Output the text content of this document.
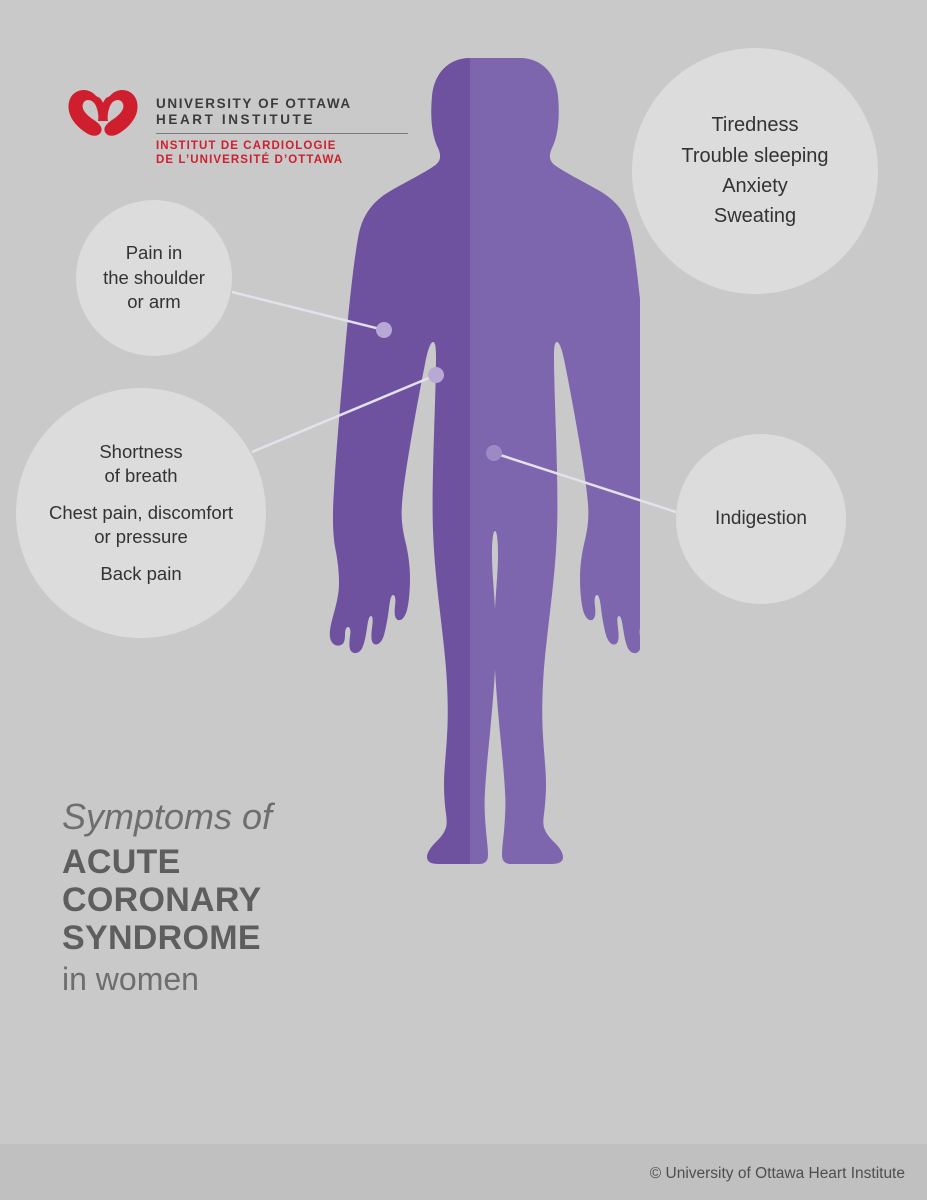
UNIVERSITY OF OTTAWA
HEART INSTITUTE
INSTITUT DE CARDIOLOGIE
DE L’UNIVERSITÉ D’OTTAWA
Tiredness
Trouble sleeping
Anxiety
Sweating
Pain in
the shoulder
or arm
Shortness
of breath
Chest pain, discomfort
or pressure
Back pain
Indigestion
Symptoms of
ACUTE
CORONARY
SYNDROME
in women
© University of Ottawa Heart Institute
